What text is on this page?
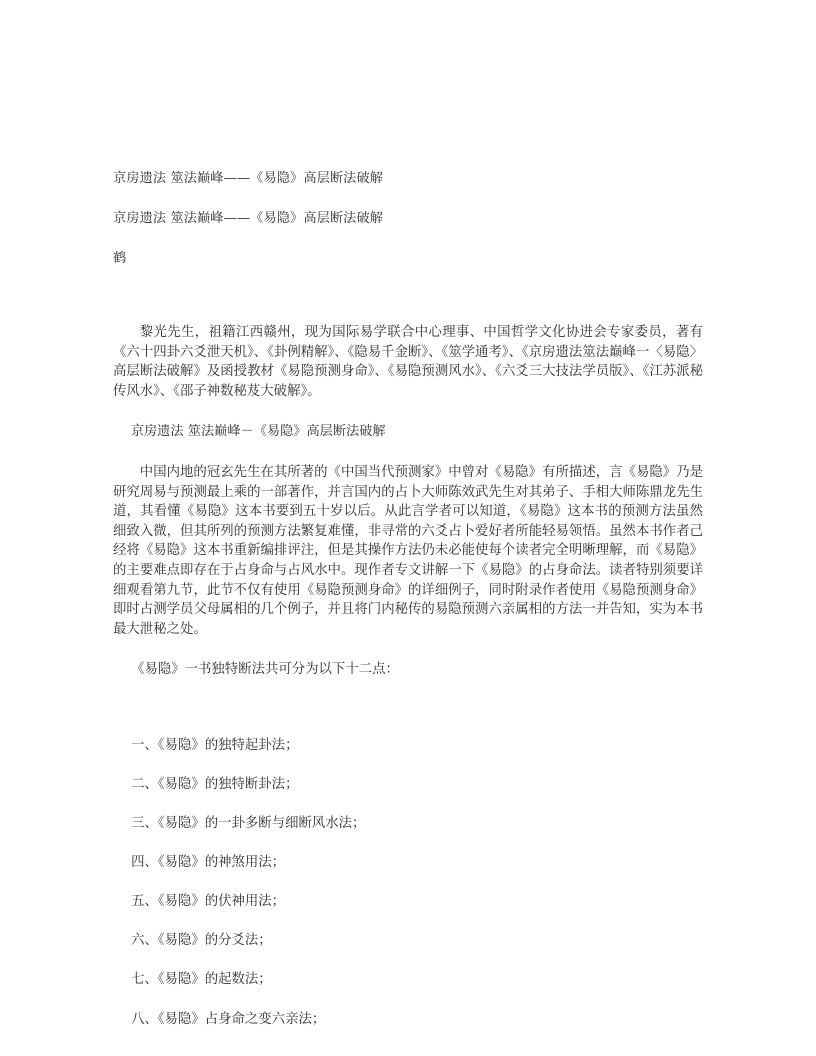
京房遗法 筮法巅峰——《易隐》高层断法破解

京房遗法 筮法巅峰——《易隐》高层断法破解

鹤

黎光先生，祖籍江西赣州，现为国际易学联合中心理事、中国哲学文化协进会专家委员，著有《六十四卦六爻泄天机》、《卦例精解》、《隐易千金断》、《筮学通考》、《京房遗法筮法巅峰一〈易隐〉高层断法破解》及函授教材《易隐预测身命》、《易隐预测风水》、《六爻三大技法学员版》、《江苏派秘传风水》、《邵子神数秘芨大破解》。

京房遗法 筮法巅峰－《易隐》高层断法破解

中国内地的冠玄先生在其所著的《中国当代预测家》中曾对《易隐》有所描述，言《易隐》乃是研究周易与预测最上乘的一部著作，并言国内的占卜大师陈效武先生对其弟子、手相大师陈鼎龙先生道，其看懂《易隐》这本书要到五十岁以后。从此言学者可以知道，《易隐》这本书的预测方法虽然细致入微，但其所列的预测方法繁复难懂，非寻常的六爻占卜爱好者所能轻易领悟。虽然本书作者己经将《易隐》这本书重新编排评注，但是其操作方法仍未必能使每个读者完全明晰理解，而《易隐》的主要难点即存在于占身命与占风水中。现作者专文讲解一下《易隐》的占身命法。读者特别须要详细观看第九节，此节不仅有使用《易隐预测身命》的详细例子，同时附录作者使用《易隐预测身命》即时占测学员父母属相的几个例子，并且将门内秘传的易隐预测六亲属相的方法一并告知，实为本书最大泄秘之处。

《易隐》一书独特断法共可分为以下十二点：

一、《易隐》的独特起卦法；
二、《易隐》的独特断卦法；
三、《易隐》的一卦多断与细断风水法；
四、《易隐》的神煞用法；
五、《易隐》的伏神用法；
六、《易隐》的分爻法；
七、《易隐》的起数法；
八、《易隐》占身命之变六亲法；
